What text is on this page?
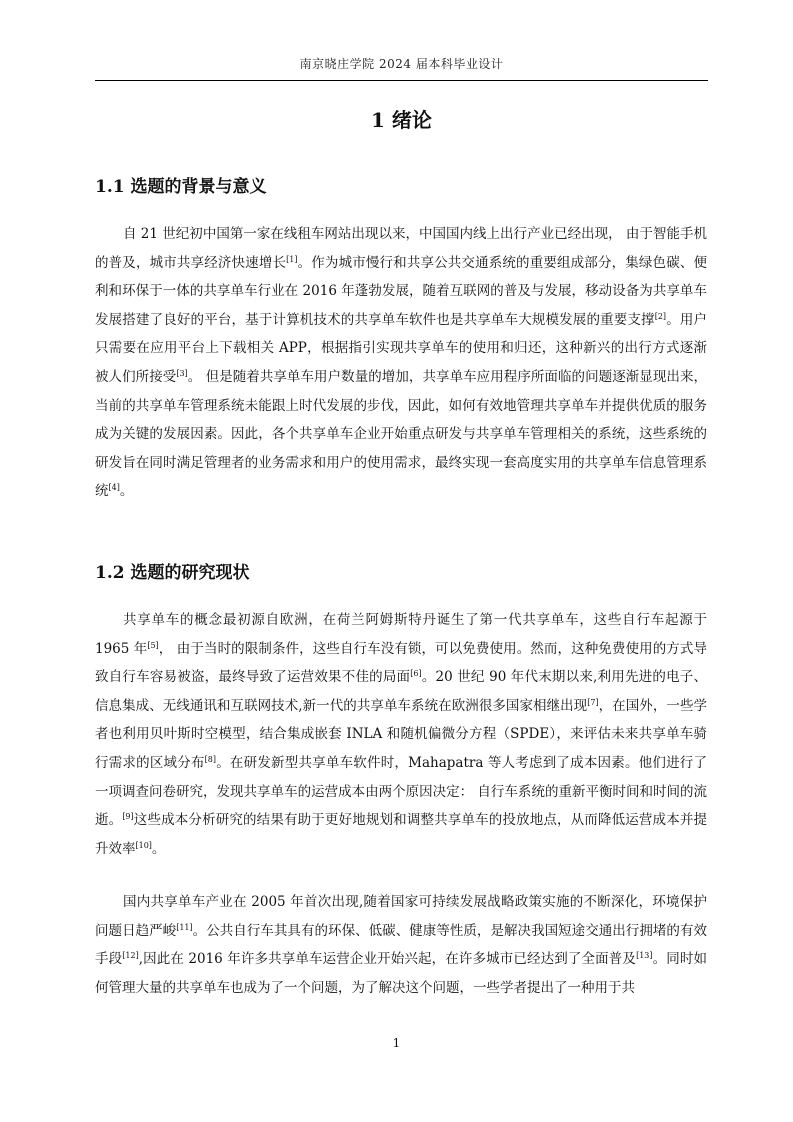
南京晓庄学院 2024 届本科毕业设计
1 绪论
1.1 选题的背景与意义
自 21 世纪初中国第一家在线租车网站出现以来，中国国内线上出行产业已经出现， 由于智能手机的普及，城市共享经济快速增长[1]。作为城市慢行和共享公共交通系统的重要组成部分，集绿色碳、便利和环保于一体的共享单车行业在 2016 年蓬勃发展，随着互联网的普及与发展，移动设备为共享单车发展搭建了良好的平台，基于计算机技术的共享单车软件也是共享单车大规模发展的重要支撑[2]。用户只需要在应用平台上下载相关 APP，根据指引实现共享单车的使用和归还，这种新兴的出行方式逐渐被人们所接受[3]。 但是随着共享单车用户数量的增加，共享单车应用程序所面临的问题逐渐显现出来，当前的共享单车管理系统未能跟上时代发展的步伐，因此，如何有效地管理共享单车并提供优质的服务成为关键的发展因素。因此，各个共享单车企业开始重点研发与共享单车管理相关的系统，这些系统的研发旨在同时满足管理者的业务需求和用户的使用需求，最终实现一套高度实用的共享单车信息管理系统[4]。
1.2 选题的研究现状
共享单车的概念最初源自欧洲，在荷兰阿姆斯特丹诞生了第一代共享单车，这些自行车起源于 1965 年[5]， 由于当时的限制条件，这些自行车没有锁，可以免费使用。然而，这种免费使用的方式导致自行车容易被盗，最终导致了运营效果不佳的局面[6]。20 世纪 90 年代末期以来,利用先进的电子、信息集成、无线通讯和互联网技术,新一代的共享单车系统在欧洲很多国家相继出现[7]，在国外，一些学者也利用贝叶斯时空模型，结合集成嵌套 INLA 和随机偏微分方程（SPDE），来评估未来共享单车骑行需求的区域分布[8]。在研发新型共享单车软件时，Mahapatra 等人考虑到了成本因素。他们进行了一项调查问卷研究，发现共享单车的运营成本由两个原因决定： 自行车系统的重新平衡时间和时间的流逝。[9]这些成本分析研究的结果有助于更好地规划和调整共享单车的投放地点，从而降低运营成本并提升效率[10]。
国内共享单车产业在 2005 年首次出现,随着国家可持续发展战略政策实施的不断深化，环境保护问题日趋严峻[11]。公共自行车其具有的环保、低碳、健康等性质，是解决我国短途交通出行拥堵的有效手段[12],因此在 2016 年许多共享单车运营企业开始兴起，在许多城市已经达到了全面普及[13]。同时如何管理大量的共享单车也成为了一个问题，为了解决这个问题，一些学者提出了一种用于共
1
